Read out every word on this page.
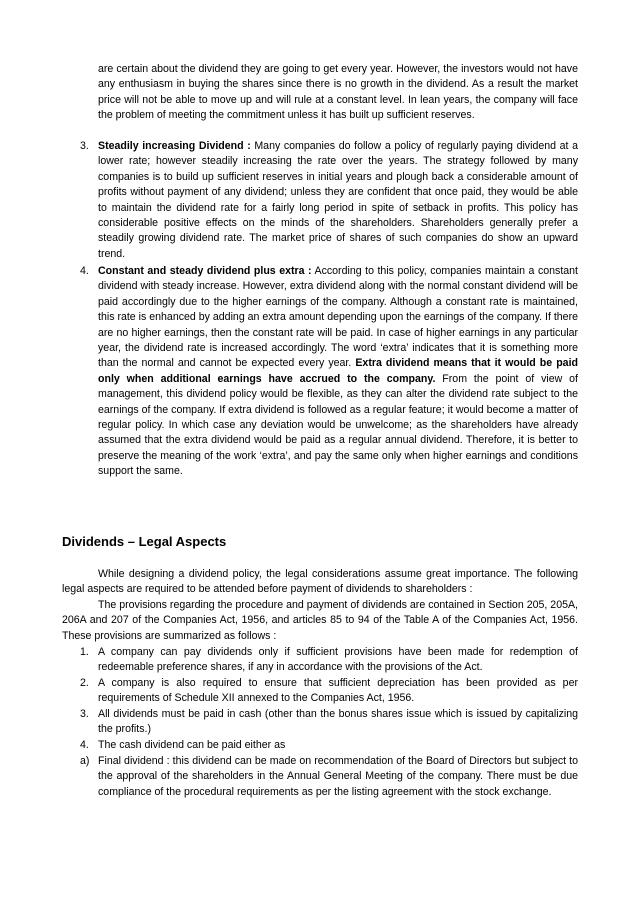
are certain about the dividend they are going to get every year. However, the investors would not have any enthusiasm in buying the shares since there is no growth in the dividend. As a result the market price will not be able to move up and will rule at a constant level. In lean years, the company will face the problem of meeting the commitment unless it has built up sufficient reserves.

3. Steadily increasing Dividend : Many companies do follow a policy of regularly paying dividend at a lower rate; however steadily increasing the rate over the years. The strategy followed by many companies is to build up sufficient reserves in initial years and plough back a considerable amount of profits without payment of any dividend; unless they are confident that once paid, they would be able to maintain the dividend rate for a fairly long period in spite of setback in profits. This policy has considerable positive effects on the minds of the shareholders. Shareholders generally prefer a steadily growing dividend rate. The market price of shares of such companies do show an upward trend.

4. Constant and steady dividend plus extra : According to this policy, companies maintain a constant dividend with steady increase. However, extra dividend along with the normal constant dividend will be paid accordingly due to the higher earnings of the company. Although a constant rate is maintained, this rate is enhanced by adding an extra amount depending upon the earnings of the company. If there are no higher earnings, then the constant rate will be paid. In case of higher earnings in any particular year, the dividend rate is increased accordingly. The word ‘extra’ indicates that it is something more than the normal and cannot be expected every year. Extra dividend means that it would be paid only when additional earnings have accrued to the company. From the point of view of management, this dividend policy would be flexible, as they can alter the dividend rate subject to the earnings of the company. If extra dividend is followed as a regular feature; it would become a matter of regular policy. In which case any deviation would be unwelcome; as the shareholders have already assumed that the extra dividend would be paid as a regular annual dividend. Therefore, it is better to preserve the meaning of the work ‘extra’, and pay the same only when higher earnings and conditions support the same.

Dividends – Legal Aspects

While designing a dividend policy, the legal considerations assume great importance. The following legal aspects are required to be attended before payment of dividends to shareholders :

The provisions regarding the procedure and payment of dividends are contained in Section 205, 205A, 206A and 207 of the Companies Act, 1956, and articles 85 to 94 of the Table A of the Companies Act, 1956. These provisions are summarized as follows :

1. A company can pay dividends only if sufficient provisions have been made for redemption of redeemable preference shares, if any in accordance with the provisions of the Act.

2. A company is also required to ensure that sufficient depreciation has been provided as per requirements of Schedule XII annexed to the Companies Act, 1956.

3. All dividends must be paid in cash (other than the bonus shares issue which is issued by capitalizing the profits.)

4. The cash dividend can be paid either as

a) Final dividend : this dividend can be made on recommendation of the Board of Directors but subject to the approval of the shareholders in the Annual General Meeting of the company. There must be due compliance of the procedural requirements as per the listing agreement with the stock exchange.
